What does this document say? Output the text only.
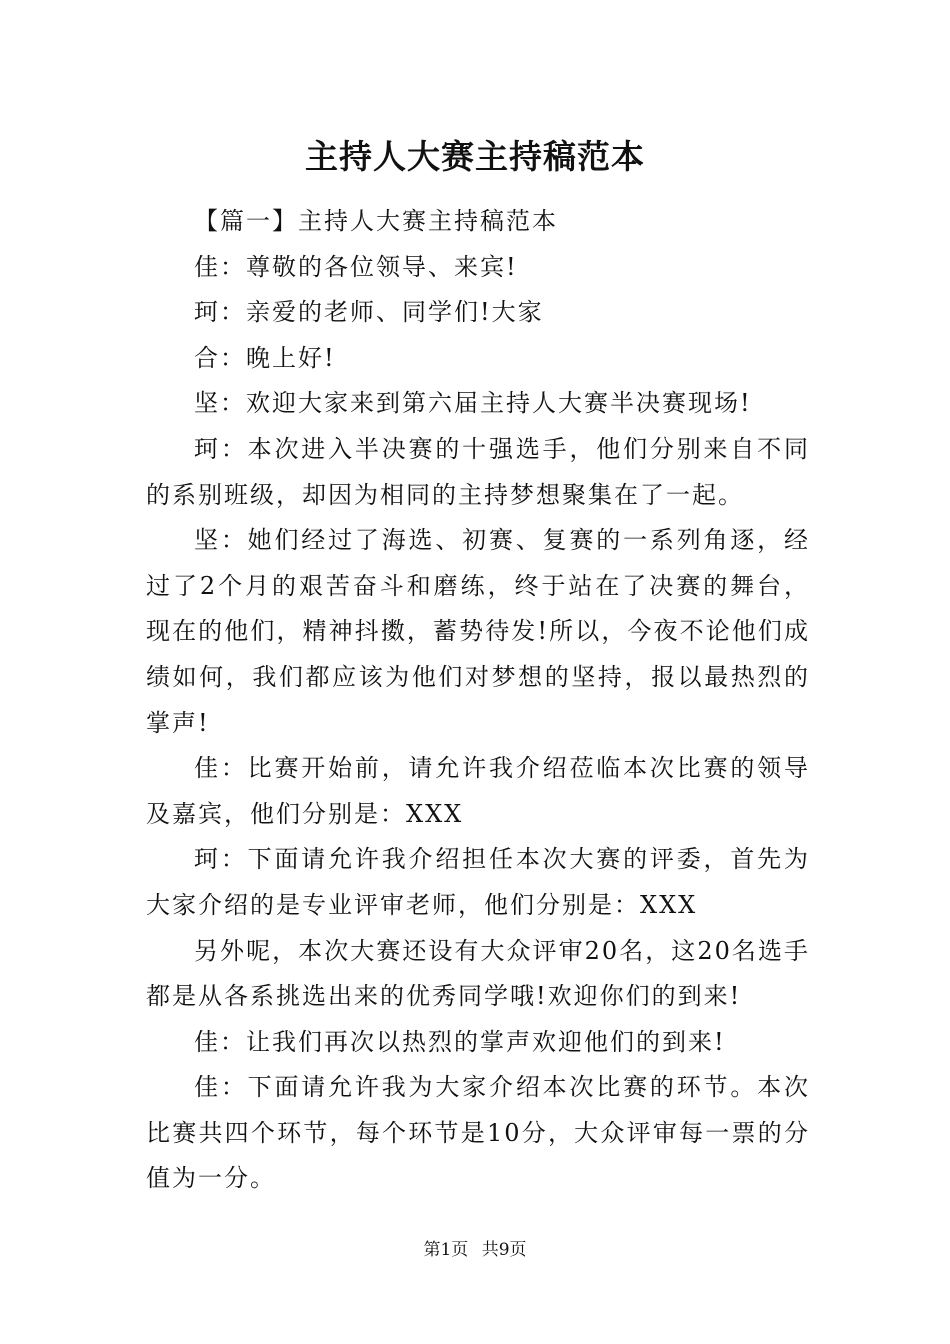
主持人大赛主持稿范本

【篇一】主持人大赛主持稿范本

佳：尊敬的各位领导、来宾!

珂：亲爱的老师、同学们!大家

合：晚上好!

坚：欢迎大家来到第六届主持人大赛半决赛现场!

珂：本次进入半决赛的十强选手，他们分别来自不同的系别班级，却因为相同的主持梦想聚集在了一起。

坚：她们经过了海选、初赛、复赛的一系列角逐，经过了2个月的艰苦奋斗和磨练，终于站在了决赛的舞台，现在的他们，精神抖擞，蓄势待发!所以，今夜不论他们成绩如何，我们都应该为他们对梦想的坚持，报以最热烈的掌声!

佳：比赛开始前，请允许我介绍莅临本次比赛的领导及嘉宾，他们分别是：XXX

珂：下面请允许我介绍担任本次大赛的评委，首先为大家介绍的是专业评审老师，他们分别是：XXX

另外呢，本次大赛还设有大众评审20名，这20名选手都是从各系挑选出来的优秀同学哦!欢迎你们的到来!

佳：让我们再次以热烈的掌声欢迎他们的到来!

佳：下面请允许我为大家介绍本次比赛的环节。本次比赛共四个环节，每个环节是10分，大众评审每一票的分值为一分。

第1页 共9页
